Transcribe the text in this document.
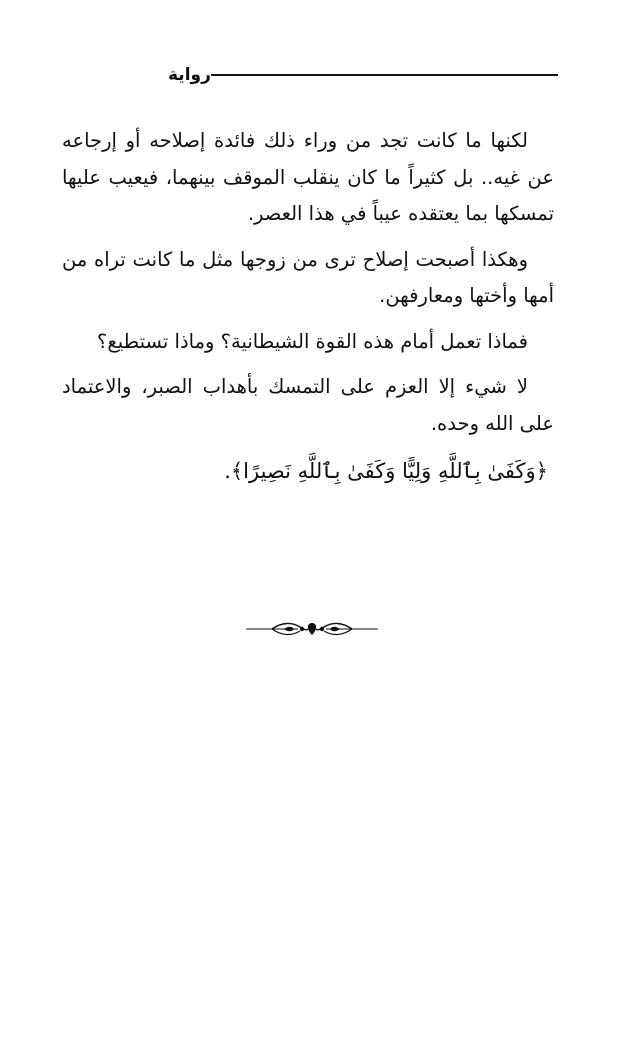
رواية

لكنها ما كانت تجد من وراء ذلك فائدة إصلاحه أو إرجاعه عن غيه.. بل كثيراً ما كان ينقلب الموقف بينهما، فيعيب عليها تمسكها بما يعتقده عيباً في هذا العصر.

وهكذا أصبحت إصلاح ترى من زوجها مثل ما كانت تراه من أمها وأختها ومعارفهن.

فماذا تعمل أمام هذه القوة الشيطانية؟ وماذا تستطيع؟

لا شيء إلا العزم على التمسك بأهداب الصبر، والاعتماد على الله وحده.

﴿وَكَفَىٰ بِٱللَّهِ وَلِيًّا وَكَفَىٰ بِٱللَّهِ نَصِيرًا﴾.
